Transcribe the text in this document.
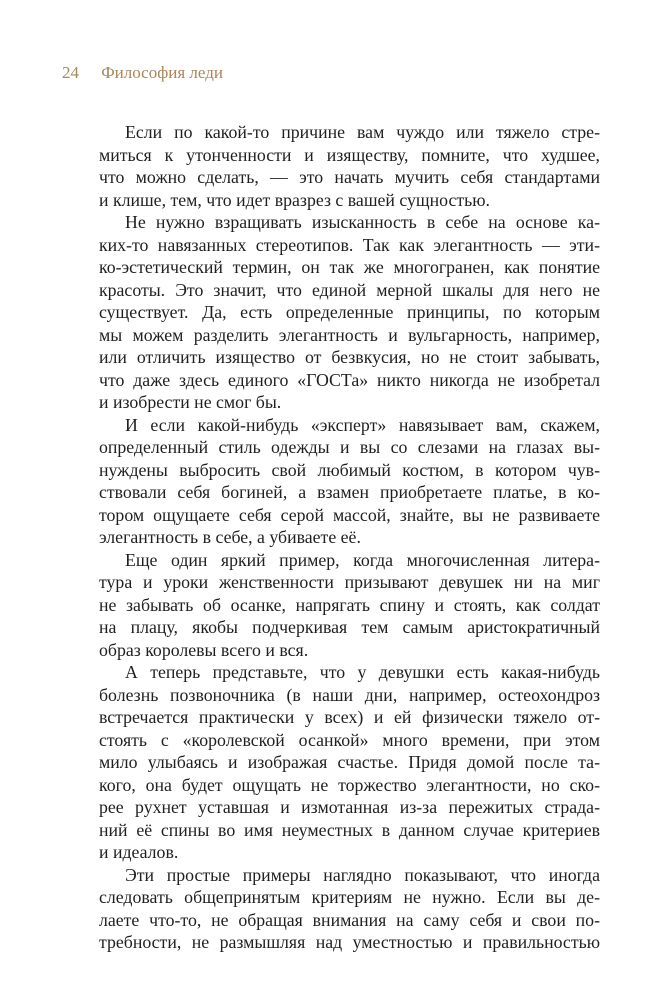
24 Философия леди
Если по какой-то причине вам чуждо или тяжело стре-
миться к утонченности и изяществу, помните, что худшее,
что можно сделать, — это начать мучить себя стандартами
и клише, тем, что идет вразрез с вашей сущностью.
Не нужно взращивать изысканность в себе на основе ка-
ких-то навязанных стереотипов. Так как элегантность — эти-
ко-эстетический термин, он так же многогранен, как понятие
красоты. Это значит, что единой мерной шкалы для него не
существует. Да, есть определенные принципы, по которым
мы можем разделить элегантность и вульгарность, например,
или отличить изящество от безвкусия, но не стоит забывать,
что даже здесь единого «ГОСТа» никто никогда не изобретал
и изобрести не смог бы.
И если какой-нибудь «эксперт» навязывает вам, скажем,
определенный стиль одежды и вы со слезами на глазах вы-
нуждены выбросить свой любимый костюм, в котором чув-
ствовали себя богиней, а взамен приобретаете платье, в ко-
тором ощущаете себя серой массой, знайте, вы не развиваете
элегантность в себе, а убиваете её.
Еще один яркий пример, когда многочисленная литера-
тура и уроки женственности призывают девушек ни на миг
не забывать об осанке, напрягать спину и стоять, как солдат
на плацу, якобы подчеркивая тем самым аристократичный
образ королевы всего и вся.
А теперь представьте, что у девушки есть какая-нибудь
болезнь позвоночника (в наши дни, например, остеохондроз
встречается практически у всех) и ей физически тяжело от-
стоять с «королевской осанкой» много времени, при этом
мило улыбаясь и изображая счастье. Придя домой после та-
кого, она будет ощущать не торжество элегантности, но ско-
рее рухнет уставшая и измотанная из-за пережитых страда-
ний её спины во имя неуместных в данном случае критериев
и идеалов.
Эти простые примеры наглядно показывают, что иногда
следовать общепринятым критериям не нужно. Если вы де-
лаете что-то, не обращая внимания на саму себя и свои по-
требности, не размышляя над уместностью и правильностью
